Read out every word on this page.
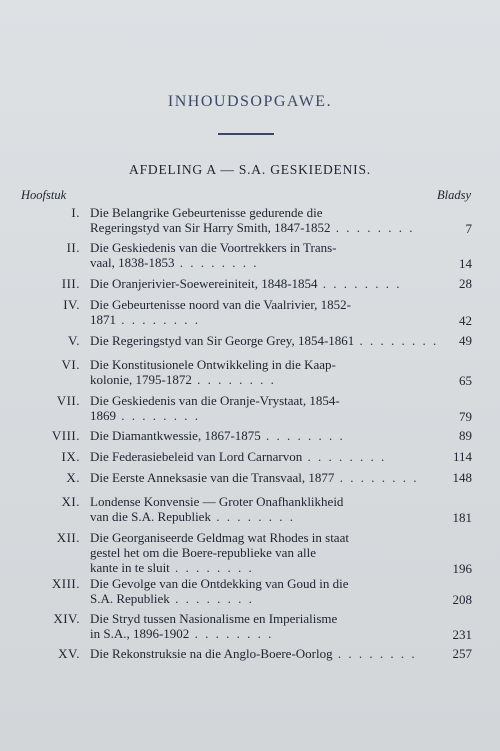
INHOUDSOPGAWE.
AFDELING A — S.A. GESKIEDENIS.
Hoofstuk	Bladsy
I. Die Belangrike Gebeurtenisse gedurende die
Regeringstyd van Sir Harry Smith, 1847-1852 . . . . . . . .	7
II. Die Geskiedenis van die Voortrekkers in Trans-
vaal, 1838-1853 . . . . . . . .	14
III. Die Oranjerivier-Soewereiniteit, 1848-1854 . . . . . . . .	28
IV. Die Gebeurtenisse noord van die Vaalrivier, 1852-
1871 . . . . . . . .	42
V. Die Regeringstyd van Sir George Grey, 1854-1861 . . . . . . . .	49
VI. Die Konstitusionele Ontwikkeling in die Kaap-
kolonie, 1795-1872 . . . . . . . .	65
VII. Die Geskiedenis van die Oranje-Vrystaat, 1854-
1869 . . . . . . . .	79
VIII. Die Diamantkwessie, 1867-1875 . . . . . . . .	89
IX. Die Federasiebeleid van Lord Carnarvon . . . . . . . .	114
X. Die Eerste Anneksasie van die Transvaal, 1877 . . . . . . . .	148
XI. Londense Konvensie — Groter Onafhanklikheid
van die S.A. Republiek . . . . . . . .	181
XII. Die Georganiseerde Geldmag wat Rhodes in staat
gestel het om die Boere-republieke van alle
kante in te sluit . . . . . . . .	196
XIII. Die Gevolge van die Ontdekking van Goud in die
S.A. Republiek . . . . . . . .	208
XIV. Die Stryd tussen Nasionalisme en Imperialisme
in S.A., 1896-1902 . . . . . . . .	231
XV. Die Rekonstruksie na die Anglo-Boere-Oorlog . . . . . . . .	257
